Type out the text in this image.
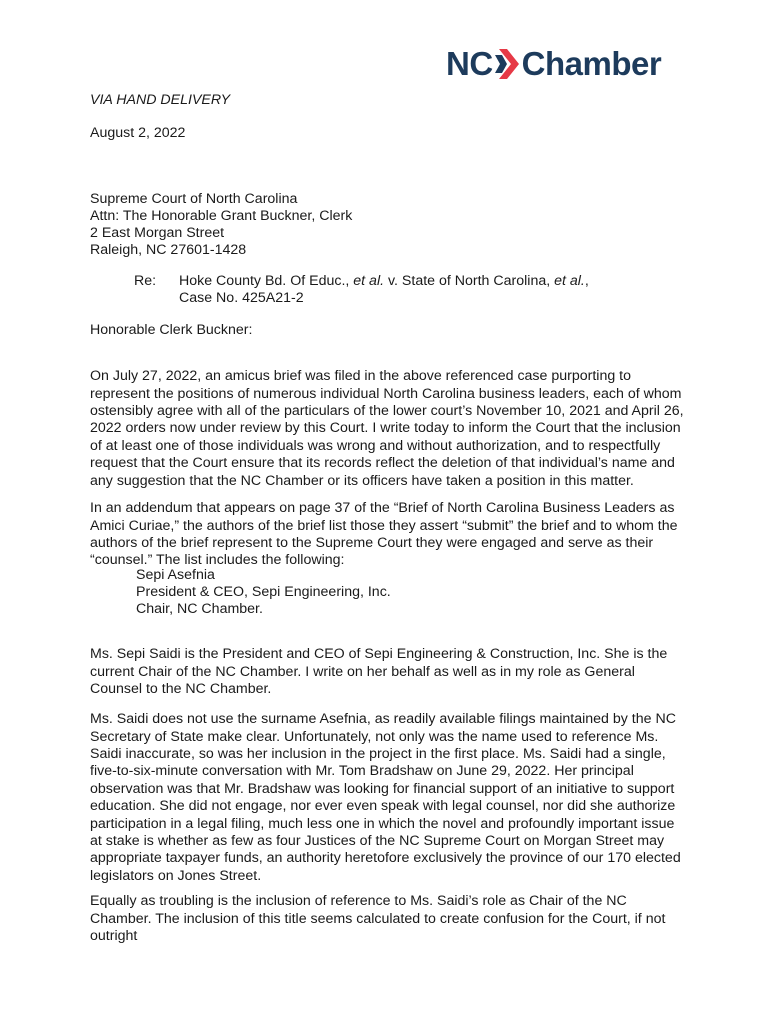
NC Chamber
VIA HAND DELIVERY
August 2, 2022
Supreme Court of North Carolina
Attn: The Honorable Grant Buckner, Clerk
2 East Morgan Street
Raleigh, NC 27601-1428
Re: Hoke County Bd. Of Educ., et al. v. State of North Carolina, et al.,
Case No. 425A21-2
Honorable Clerk Buckner:

On July 27, 2022, an amicus brief was filed in the above referenced case purporting to represent the positions of numerous individual North Carolina business leaders, each of whom ostensibly agree with all of the particulars of the lower court’s November 10, 2021 and April 26, 2022 orders now under review by this Court. I write today to inform the Court that the inclusion of at least one of those individuals was wrong and without authorization, and to respectfully request that the Court ensure that its records reflect the deletion of that individual’s name and any suggestion that the NC Chamber or its officers have taken a position in this matter.

In an addendum that appears on page 37 of the “Brief of North Carolina Business Leaders as Amici Curiae,” the authors of the brief list those they assert “submit” the brief and to whom the authors of the brief represent to the Supreme Court they were engaged and serve as their “counsel.” The list includes the following:

Sepi Asefnia
President & CEO, Sepi Engineering, Inc.
Chair, NC Chamber.

Ms. Sepi Saidi is the President and CEO of Sepi Engineering & Construction, Inc. She is the current Chair of the NC Chamber. I write on her behalf as well as in my role as General Counsel to the NC Chamber.

Ms. Saidi does not use the surname Asefnia, as readily available filings maintained by the NC Secretary of State make clear. Unfortunately, not only was the name used to reference Ms. Saidi inaccurate, so was her inclusion in the project in the first place. Ms. Saidi had a single, five-to-six-minute conversation with Mr. Tom Bradshaw on June 29, 2022. Her principal observation was that Mr. Bradshaw was looking for financial support of an initiative to support education. She did not engage, nor ever even speak with legal counsel, nor did she authorize participation in a legal filing, much less one in which the novel and profoundly important issue at stake is whether as few as four Justices of the NC Supreme Court on Morgan Street may appropriate taxpayer funds, an authority heretofore exclusively the province of our 170 elected legislators on Jones Street.

Equally as troubling is the inclusion of reference to Ms. Saidi’s role as Chair of the NC Chamber. The inclusion of this title seems calculated to create confusion for the Court, if not outright
